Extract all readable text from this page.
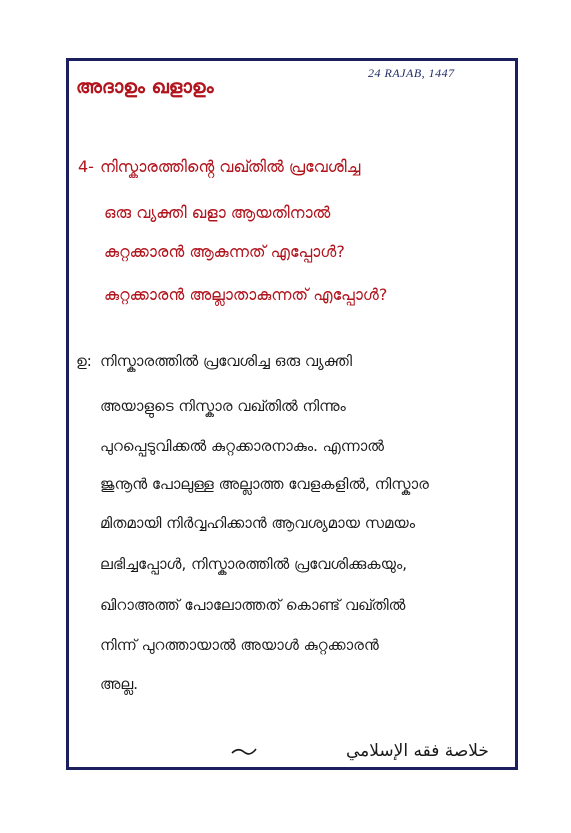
24 RAJAB, 1447
അദാഉം ഖളാഉം
4- നിസ്കാരത്തിൻ്റെ വഖ്തിൽ പ്രവേശിച്ച
ഒരു വ്യക്തി ഖളാ ആയതിനാൽ
കുറ്റക്കാരൻ ആകുന്നത് എപ്പോൾ?
കുറ്റക്കാരൻ അല്ലാതാകുന്നത് എപ്പോൾ?
ഉ: നിസ്കാരത്തിൽ പ്രവേശിച്ച ഒരു വ്യക്തി
അയാളുടെ നിസ്കാര വഖ്തിൽ നിന്നും
പുറപ്പെടുവിക്കൽ കുറ്റക്കാരനാകും. എന്നാൽ
ജുനൂൻ പോലുള്ള അല്ലാത്ത വേളകളിൽ, നിസ്കാര
മിതമായി നിർവ്വഹിക്കാൻ ആവശ്യമായ സമയം
ലഭിച്ചപ്പോൾ, നിസ്കാരത്തിൽ പ്രവേശിക്കുകയും,
ഖിറാഅത്ത് പോലോത്തത് കൊണ്ട് വഖ്തിൽ
നിന്ന് പുറത്തായാൽ അയാൾ കുറ്റക്കാരൻ
അല്ല.
خلاصة فقه الإسلامي
